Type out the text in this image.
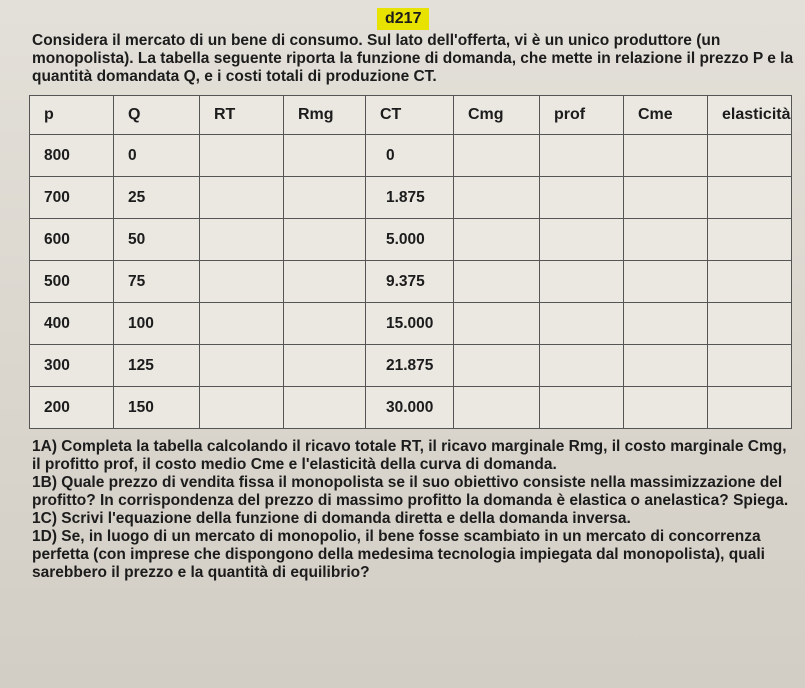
d217
Considera il mercato di un bene di consumo. Sul lato dell'offerta, vi è un unico produttore (un monopolista). La tabella seguente riporta la funzione di domanda, che mette in relazione il prezzo P e la quantità domandata Q, e i costi totali di produzione CT.
p	Q	RT	Rmg	CT	Cmg	prof	Cme	elasticità
800	0			0				
700	25			1.875				
600	50			5.000				
500	75			9.375				
400	100			15.000				
300	125			21.875				
200	150			30.000				

1A) Completa la tabella calcolando il ricavo totale RT, il ricavo marginale Rmg, il costo marginale Cmg, il profitto prof, il costo medio Cme e l'elasticità della curva di domanda.

1B) Quale prezzo di vendita fissa il monopolista se il suo obiettivo consiste nella massimizzazione del profitto? In corrispondenza del prezzo di massimo profitto la domanda è elastica o anelastica? Spiega.

1C) Scrivi l'equazione della funzione di domanda diretta e della domanda inversa.

1D) Se, in luogo di un mercato di monopolio, il bene fosse scambiato in un mercato di concorrenza perfetta (con imprese che dispongono della medesima tecnologia impiegata dal monopolista), quali sarebbero il prezzo e la quantità di equilibrio?
